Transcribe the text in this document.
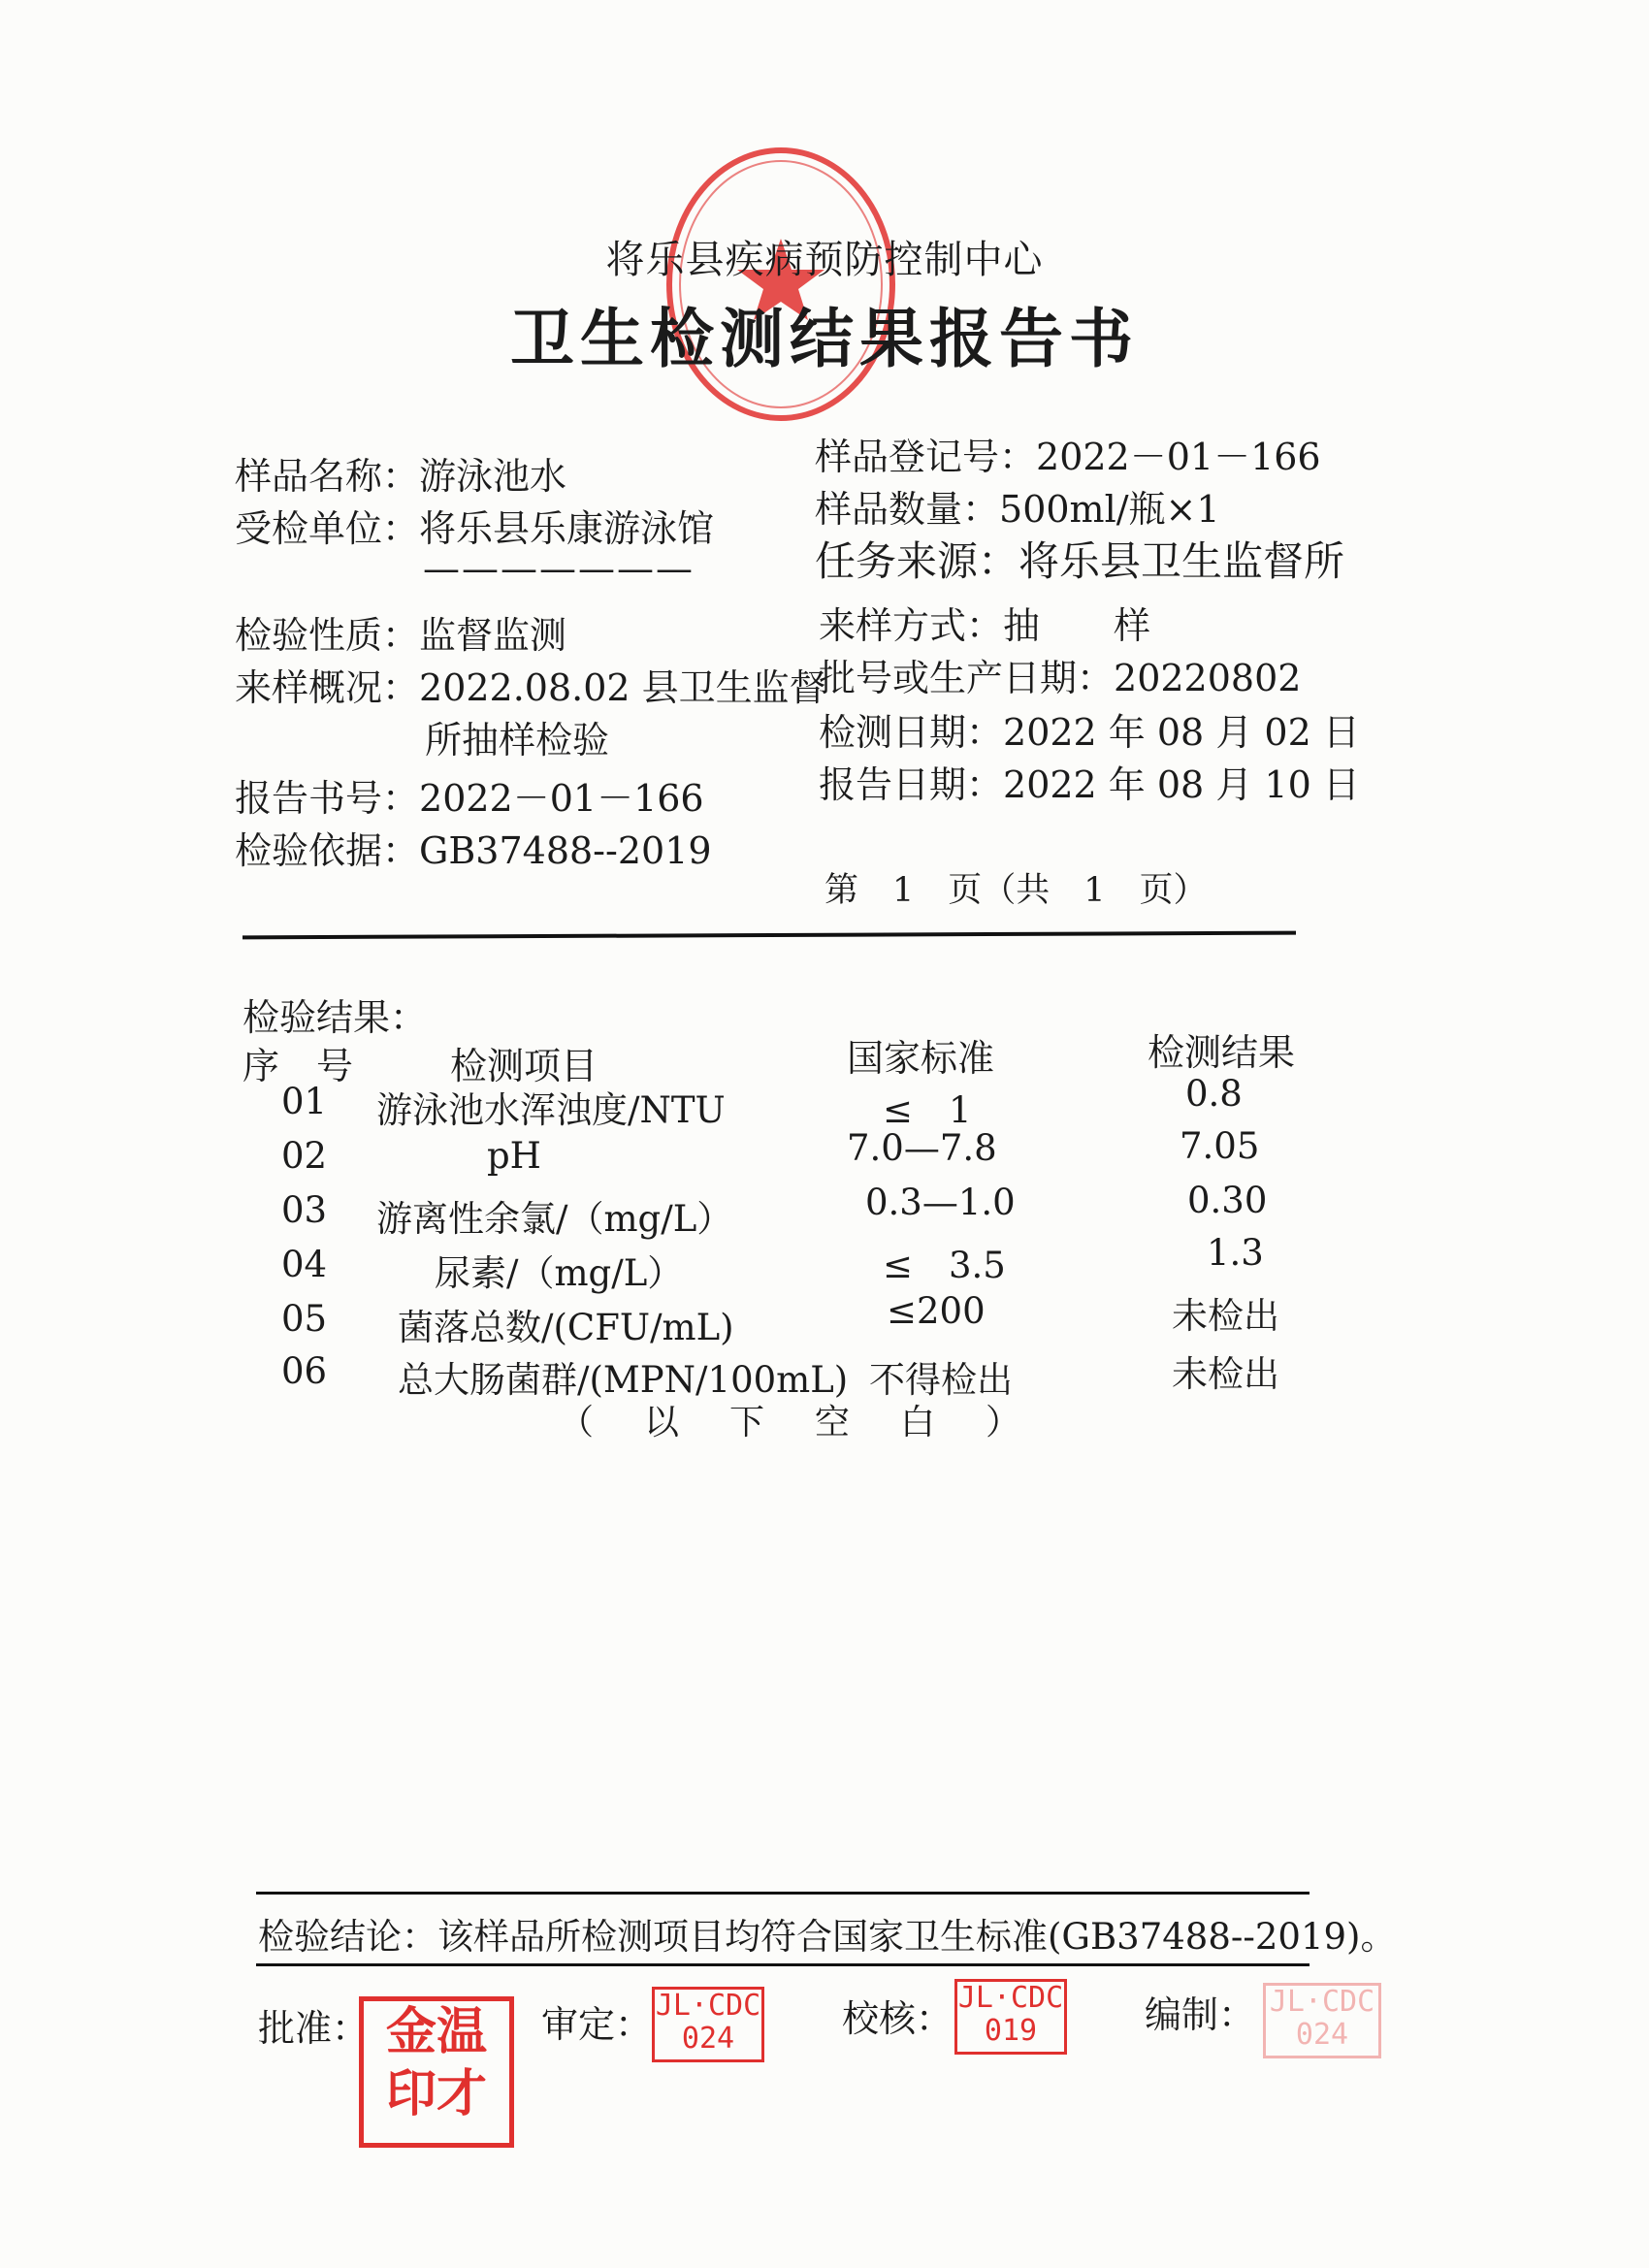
将乐县疾病预防控制中心
卫生检测结果报告书
样品名称：游泳池水
受检单位：将乐县乐康游泳馆
———————
检验性质：监督监测
来样概况：2022.08.02 县卫生监督
所抽样检验
报告书号：2022－01－166
检验依据：GB37488--2019
样品登记号：2022－01－166
样品数量：500ml/瓶×1
任务来源：将乐县卫生监督所
来样方式：抽　　样
批号或生产日期：20220802
检测日期：2022 年 08 月 02 日
报告日期：2022 年 08 月 10 日
第　1　页（共　1　页）
检验结果：
序　号	检测项目	国家标准	检测结果
01 游泳池水浑浊度/NTU	≤　1	0.8
02	pH	7.0—7.8	7.05
03 游离性余氯/（mg/L）	0.3—1.0	0.30
04	尿素/（mg/L）	≤　3.5	1.3
05 菌落总数/(CFU/mL)	≤200	未检出
06 总大肠菌群/(MPN/100mL) 不得检出	未检出
（　以　下　空　白　）
检验结论：该样品所检测项目均符合国家卫生标准(GB37488--2019)。
批准： 金温
印才
审定： JL·CDC
024	校核： JL·CDC
019	编制： JL·CDC
024
